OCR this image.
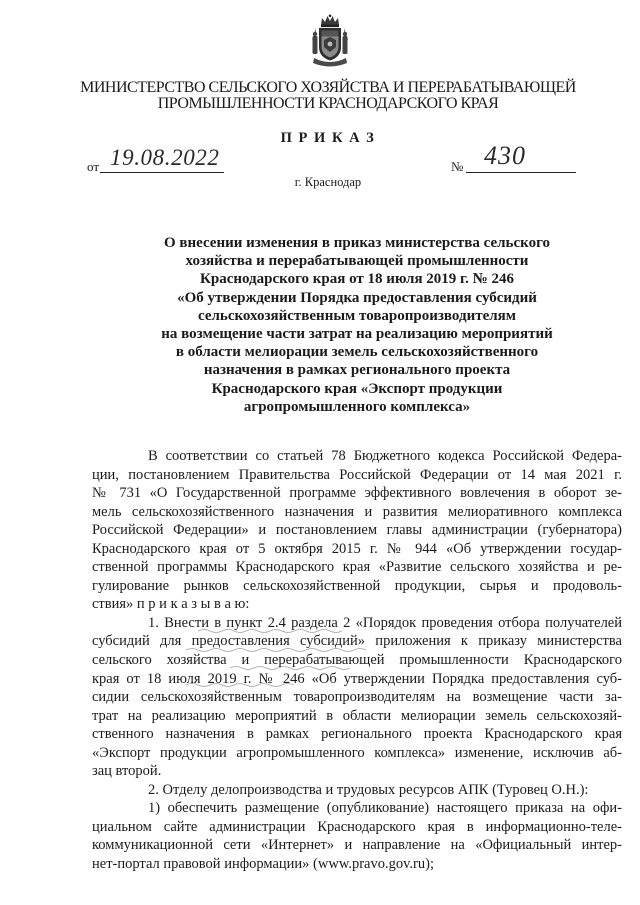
МИНИСТЕРСТВО СЕЛЬСКОГО ХОЗЯЙСТВА И ПЕРЕРАБАТЫВАЮЩЕЙ
ПРОМЫШЛЕННОСТИ КРАСНОДАРСКОГО КРАЯ
П Р И К А З
от 19.08.2022	№ 430
г. Краснодар
О внесении изменения в приказ министерства сельского
хозяйства и перерабатывающей промышленности
Краснодарского края от 18 июля 2019 г. № 246
«Об утверждении Порядка предоставления субсидий
сельскохозяйственным товаропроизводителям
на возмещение части затрат на реализацию мероприятий
в области мелиорации земель сельскохозяйственного
назначения в рамках регионального проекта
Краснодарского края «Экспорт продукции
агропромышленного комплекса»
В соответствии со статьей 78 Бюджетного кодекса Российской Федера-
ции, постановлением Правительства Российской Федерации от 14 мая 2021 г.
№ 731 «О Государственной программе эффективного вовлечения в оборот зе-
мель сельскохозяйственного назначения и развития мелиоративного комплекса
Российской Федерации» и постановлением главы администрации (губернатора)
Краснодарского края от 5 октября 2015 г. № 944 «Об утверждении государ-
ственной программы Краснодарского края «Развитие сельского хозяйства и ре-
гулирование рынков сельскохозяйственной продукции, сырья и продоволь-
ствия» п р и к а з ы в а ю:
1. Внести в пункт 2.4 раздела 2 «Порядок проведения отбора получателей
субсидий для предоставления субсидий» приложения к приказу министерства
сельского хозяйства и перерабатывающей промышленности Краснодарского
края от 18 июля 2019 г. № 246 «Об утверждении Порядка предоставления суб-
сидии сельскохозяйственным товаропроизводителям на возмещение части за-
трат на реализацию мероприятий в области мелиорации земель сельскохозяй-
ственного назначения в рамках регионального проекта Краснодарского края
«Экспорт продукции агропромышленного комплекса» изменение, исключив аб-
зац второй.
2. Отделу делопроизводства и трудовых ресурсов АПК (Туровец О.Н.):
1) обеспечить размещение (опубликование) настоящего приказа на офи-
циальном сайте администрации Краснодарского края в информационно-теле-
коммуникационной сети «Интернет» и направление на «Официальный интер-
нет-портал правовой информации» (www.pravo.gov.ru);
